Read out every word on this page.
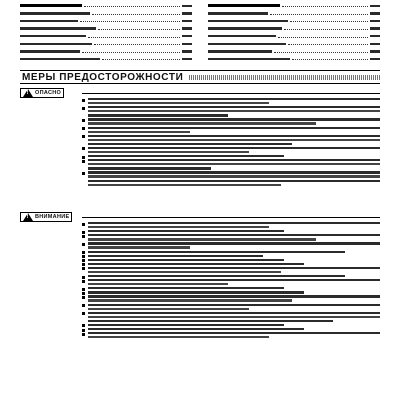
МЕРЫ ПРЕДОСТОРОЖНОСТИ
!
ОПАСНО
!
ВНИМАНИЕ
